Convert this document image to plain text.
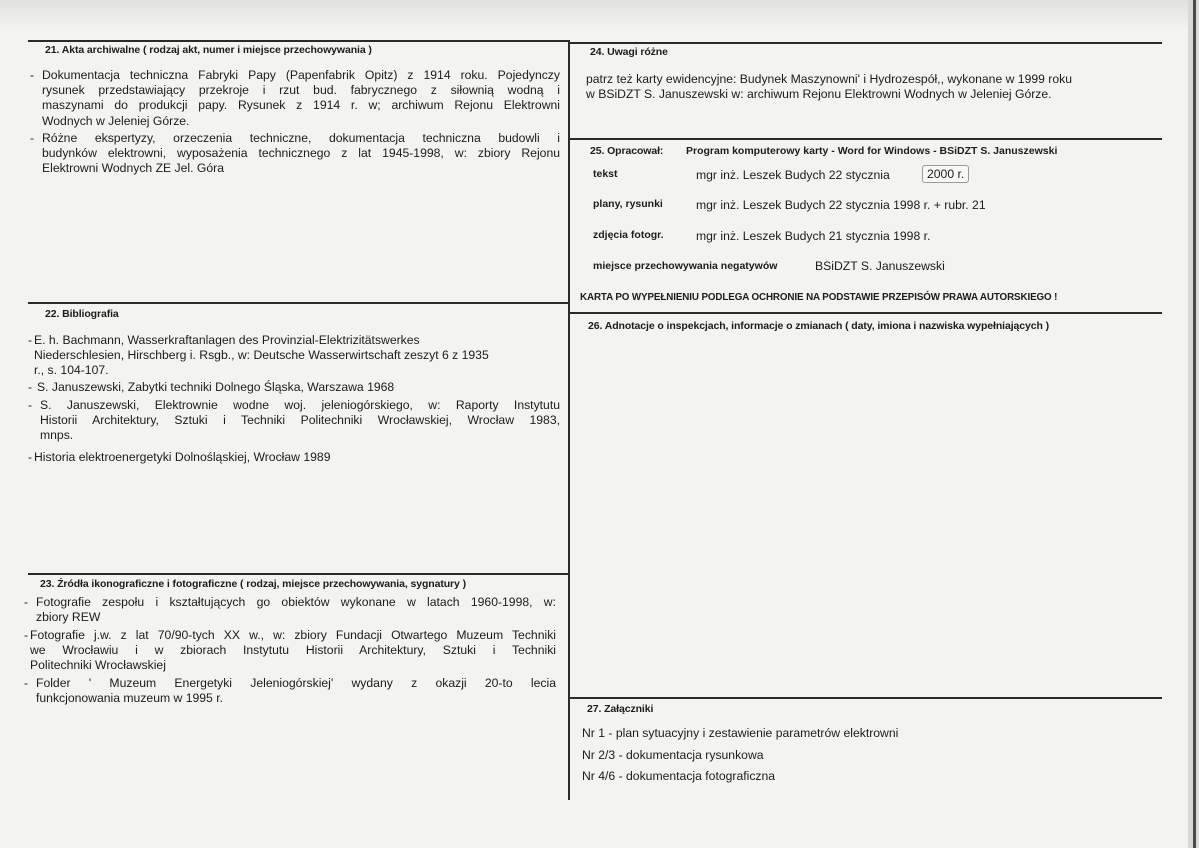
21. Akta archiwalne ( rodzaj akt, numer i miejsce przechowywania )
- Dokumentacja techniczna Fabryki Papy (Papenfabrik Opitz) z 1914 roku. Pojedynczy
rysunek przedstawiający przekroje i rzut bud. fabrycznego z siłownią wodną i
maszynami do produkcji papy. Rysunek z 1914 r. w; archiwum Rejonu Elektrowni
Wodnych w Jeleniej Górze.
- Różne ekspertyzy, orzeczenia techniczne, dokumentacja techniczna budowli i
budynków elektrowni, wyposażenia technicznego z lat 1945-1998, w: zbiory Rejonu
Elektrowni Wodnych ZE Jel. Góra
22. Bibliografia
- E. h. Bachmann, Wasserkraftanlagen des Provinzial-Elektrizitätswerkes
Niederschlesien, Hirschberg i. Rsgb., w: Deutsche Wasserwirtschaft zeszyt 6 z 1935
r., s. 104-107.
- S. Januszewski, Zabytki techniki Dolnego Śląska, Warszawa 1968
- S. Januszewski, Elektrownie wodne woj. jeleniogórskiego, w: Raporty Instytutu
Historii Architektury, Sztuki i Techniki Politechniki Wrocławskiej, Wrocław 1983,
mnps.
- Historia elektroenergetyki Dolnośląskiej, Wrocław 1989
23. Źródła ikonograficzne i fotograficzne ( rodzaj, miejsce przechowywania, sygnatury )
- Fotografie zespołu i kształtujących go obiektów wykonane w latach 1960-1998, w:
zbiory REW
- Fotografie j.w. z lat 70/90-tych XX w., w: zbiory Fundacji Otwartego Muzeum Techniki
we Wrocławiu i w zbiorach Instytutu Historii Architektury, Sztuki i Techniki
Politechniki Wrocławskiej
- Folder ' Muzeum Energetyki Jeleniogórskiej' wydany z okazji 20-to lecia
funkcjonowania muzeum w 1995 r.
24. Uwagi różne
patrz też karty ewidencyjne: Budynek Maszynowni' i Hydrozespół,, wykonane w 1999 roku
w BSiDZT S. Januszewski w: archiwum Rejonu Elektrowni Wodnych w Jeleniej Górze.
25. Opracował: Program komputerowy karty - Word for Windows - BSiDZT S. Januszewski
tekst	mgr inż. Leszek Budych 22 stycznia	2000 r.
plany, rysunki	mgr inż. Leszek Budych 22 stycznia 1998 r. + rubr. 21
zdjęcia fotogr.	mgr inż. Leszek Budych 21 stycznia 1998 r.
miejsce przechowywania negatywów	BSiDZT S. Januszewski
KARTA PO WYPEŁNIENIU PODLEGA OCHRONIE NA PODSTAWIE PRZEPISÓW PRAWA AUTORSKIEGO !
26. Adnotacje o inspekcjach, informacje o zmianach ( daty, imiona i nazwiska wypełniających )
27. Załączniki
Nr 1 - plan sytuacyjny i zestawienie parametrów elektrowni
Nr 2/3 - dokumentacja rysunkowa
Nr 4/6 - dokumentacja fotograficzna
